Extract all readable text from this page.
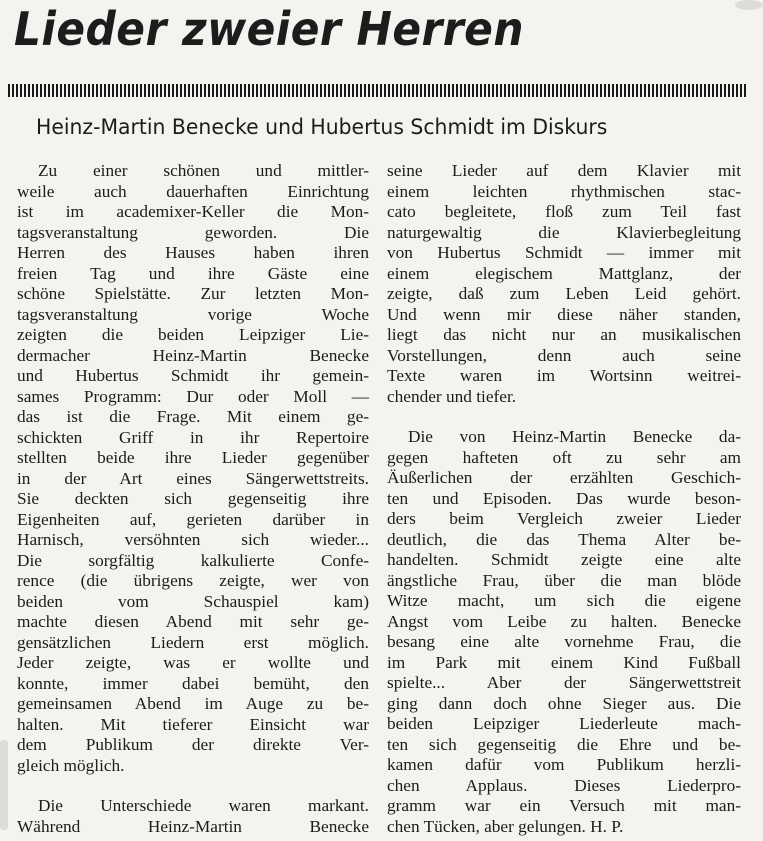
Lieder zweier Herren
Heinz-Martin Benecke und Hubertus Schmidt im Diskurs

Zu einer schönen und mittler-

weile auch dauerhaften Einrichtung

ist im academixer-Keller die Mon-

tagsveranstaltung geworden. Die

Herren des Hauses haben ihren

freien Tag und ihre Gäste eine

schöne Spielstätte. Zur letzten Mon-

tagsveranstaltung vorige Woche

zeigten die beiden Leipziger Lie-

dermacher Heinz-Martin Benecke

und Hubertus Schmidt ihr gemein-

sames Programm: Dur oder Moll —

das ist die Frage. Mit einem ge-

schickten Griff in ihr Repertoire

stellten beide ihre Lieder gegenüber

in der Art eines Sängerwettstreits.

Sie deckten sich gegenseitig ihre

Eigenheiten auf, gerieten darüber in

Harnisch, versöhnten sich wieder...

Die sorgfältig kalkulierte Confe-

rence (die übrigens zeigte, wer von

beiden vom Schauspiel kam)

machte diesen Abend mit sehr ge-

gensätzlichen Liedern erst möglich.

Jeder zeigte, was er wollte und

konnte, immer dabei bemüht, den

gemeinsamen Abend im Auge zu be-

halten. Mit tieferer Einsicht war

dem Publikum der direkte Ver-

gleich möglich.

Die Unterschiede waren markant.

Während Heinz-Martin Benecke

seine Lieder auf dem Klavier mit

einem leichten rhythmischen stac-

cato begleitete, floß zum Teil fast

naturgewaltig die Klavierbegleitung

von Hubertus Schmidt — immer mit

einem elegischem Mattglanz, der

zeigte, daß zum Leben Leid gehört.

Und wenn mir diese näher standen,

liegt das nicht nur an musikalischen

Vorstellungen, denn auch seine

Texte waren im Wortsinn weitrei-

chender und tiefer.

Die von Heinz-Martin Benecke da-

gegen hafteten oft zu sehr am

Äußerlichen der erzählten Geschich-

ten und Episoden. Das wurde beson-

ders beim Vergleich zweier Lieder

deutlich, die das Thema Alter be-

handelten. Schmidt zeigte eine alte

ängstliche Frau, über die man blöde

Witze macht, um sich die eigene

Angst vom Leibe zu halten. Benecke

besang eine alte vornehme Frau, die

im Park mit einem Kind Fußball

spielte... Aber der Sängerwettstreit

ging dann doch ohne Sieger aus. Die

beiden Leipziger Liederleute mach-

ten sich gegenseitig die Ehre und be-

kamen dafür vom Publikum herzli-

chen Applaus. Dieses Liederpro-

gramm war ein Versuch mit man-

chen Tücken, aber gelungen. H. P.
